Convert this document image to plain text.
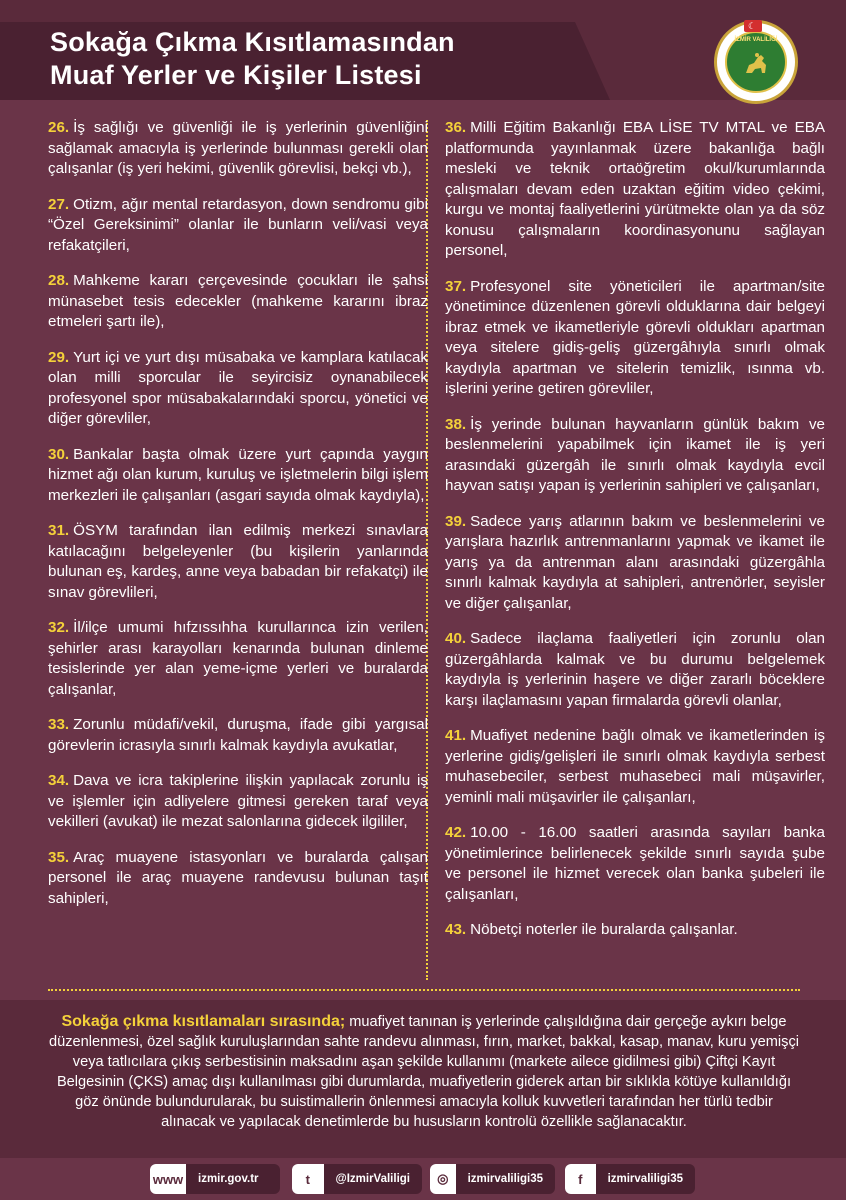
Sokağa Çıkma Kısıtlamasından
Muaf Yerler ve Kişiler Listesi
İZMİR VALİLİĞİ
☾
26. İş sağlığı ve güvenliği ile iş yerlerinin güvenliğini sağlamak amacıyla iş yerlerinde bulunması gerekli olan çalışanlar (iş yeri hekimi, güvenlik görevlisi, bekçi vb.),
27. Otizm, ağır mental retardasyon, down sendromu gibi “Özel Gereksinimi” olanlar ile bunların veli/vasi veya refakatçileri,
28. Mahkeme kararı çerçevesinde çocukları ile şahsi münasebet tesis edecekler (mahkeme kararını ibraz etmeleri şartı ile),
29. Yurt içi ve yurt dışı müsabaka ve kamplara katılacak olan milli sporcular ile seyircisiz oynanabilecek profesyonel spor müsabakalarındaki sporcu, yönetici ve diğer görevliler,
30. Bankalar başta olmak üzere yurt çapında yaygın hizmet ağı olan kurum, kuruluş ve işletmelerin bilgi işlem merkezleri ile çalışanları (asgari sayıda olmak kaydıyla),
31. ÖSYM tarafından ilan edilmiş merkezi sınavlara katılacağını belgeleyenler (bu kişilerin yanlarında bulunan eş, kardeş, anne veya babadan bir refakatçi) ile sınav görevlileri,
32. İl/ilçe umumi hıfzıssıhha kurullarınca izin verilen, şehirler arası karayolları kenarında bulunan dinleme tesislerinde yer alan yeme-içme yerleri ve buralarda çalışanlar,
33. Zorunlu müdafi/vekil, duruşma, ifade gibi yargısal görevlerin icrasıyla sınırlı kalmak kaydıyla avukatlar,
34. Dava ve icra takiplerine ilişkin yapılacak zorunlu iş ve işlemler için adliyelere gitmesi gereken taraf veya vekilleri (avukat) ile mezat salonlarına gidecek ilgililer,
35. Araç muayene istasyonları ve buralarda çalışan personel ile araç muayene randevusu bulunan taşıt sahipleri,
36. Milli Eğitim Bakanlığı EBA LİSE TV MTAL ve EBA platformunda yayınlanmak üzere bakanlığa bağlı mesleki ve teknik ortaöğretim okul/kurumlarında çalışmaları devam eden uzaktan eğitim video çekimi, kurgu ve montaj faaliyetlerini yürütmekte olan ya da söz konusu çalışmaların koordinasyonunu sağlayan personel,
37. Profesyonel site yöneticileri ile apartman/site yönetimince düzenlenen görevli olduklarına dair belgeyi ibraz etmek ve ikametleriyle görevli oldukları apartman veya sitelere gidiş-geliş güzergâhıyla sınırlı olmak kaydıyla apartman ve sitelerin temizlik, ısınma vb. işlerini yerine getiren görevliler,
38. İş yerinde bulunan hayvanların günlük bakım ve beslenmelerini yapabilmek için ikamet ile iş yeri arasındaki güzergâh ile sınırlı olmak kaydıyla evcil hayvan satışı yapan iş yerlerinin sahipleri ve çalışanları,
39. Sadece yarış atlarının bakım ve beslenmelerini ve yarışlara hazırlık antrenmanlarını yapmak ve ikamet ile yarış ya da antrenman alanı arasındaki güzergâhla sınırlı kalmak kaydıyla at sahipleri, antrenörler, seyisler ve diğer çalışanlar,
40. Sadece ilaçlama faaliyetleri için zorunlu olan güzergâhlarda kalmak ve bu durumu belgelemek kaydıyla iş yerlerinin haşere ve diğer zararlı böceklere karşı ilaçlamasını yapan firmalarda görevli olanlar,
41. Muafiyet nedenine bağlı olmak ve ikametlerinden iş yerlerine gidiş/gelişleri ile sınırlı olmak kaydıyla serbest muhasebeciler, serbest muhasebeci mali müşavirler, yeminli mali müşavirler ile çalışanları,
42. 10.00 - 16.00 saatleri arasında sayıları banka yönetimlerince belirlenecek şekilde sınırlı sayıda şube ve personel ile hizmet verecek olan banka şubeleri ile çalışanları,
43. Nöbetçi noterler ile buralarda çalışanlar.
Sokağa çıkma kısıtlamaları sırasında; muafiyet tanınan iş yerlerinde çalışıldığına dair gerçeğe aykırı belge düzenlenmesi, özel sağlık kuruluşlarından sahte randevu alınması, fırın, market, bakkal, kasap, manav, kuru yemişçi veya tatlıcılara çıkış serbestisinin maksadını aşan şekilde kullanımı (markete ailece gidilmesi gibi) Çiftçi Kayıt Belgesinin (ÇKS) amaç dışı kullanılması gibi durumlarda, muafiyetlerin giderek artan bir sıklıkla kötüye kullanıldığı göz önünde bulundurularak, bu suistimallerin önlenmesi amacıyla kolluk kuvvetleri tarafından her türlü tedbir alınacak ve yapılacak denetimlerde bu hususların kontrolü özellikle sağlanacaktır.
www	izmir.gov.tr	t	@IzmirValiligi	◎	izmirvaliligi35	f	izmirvaliligi35
